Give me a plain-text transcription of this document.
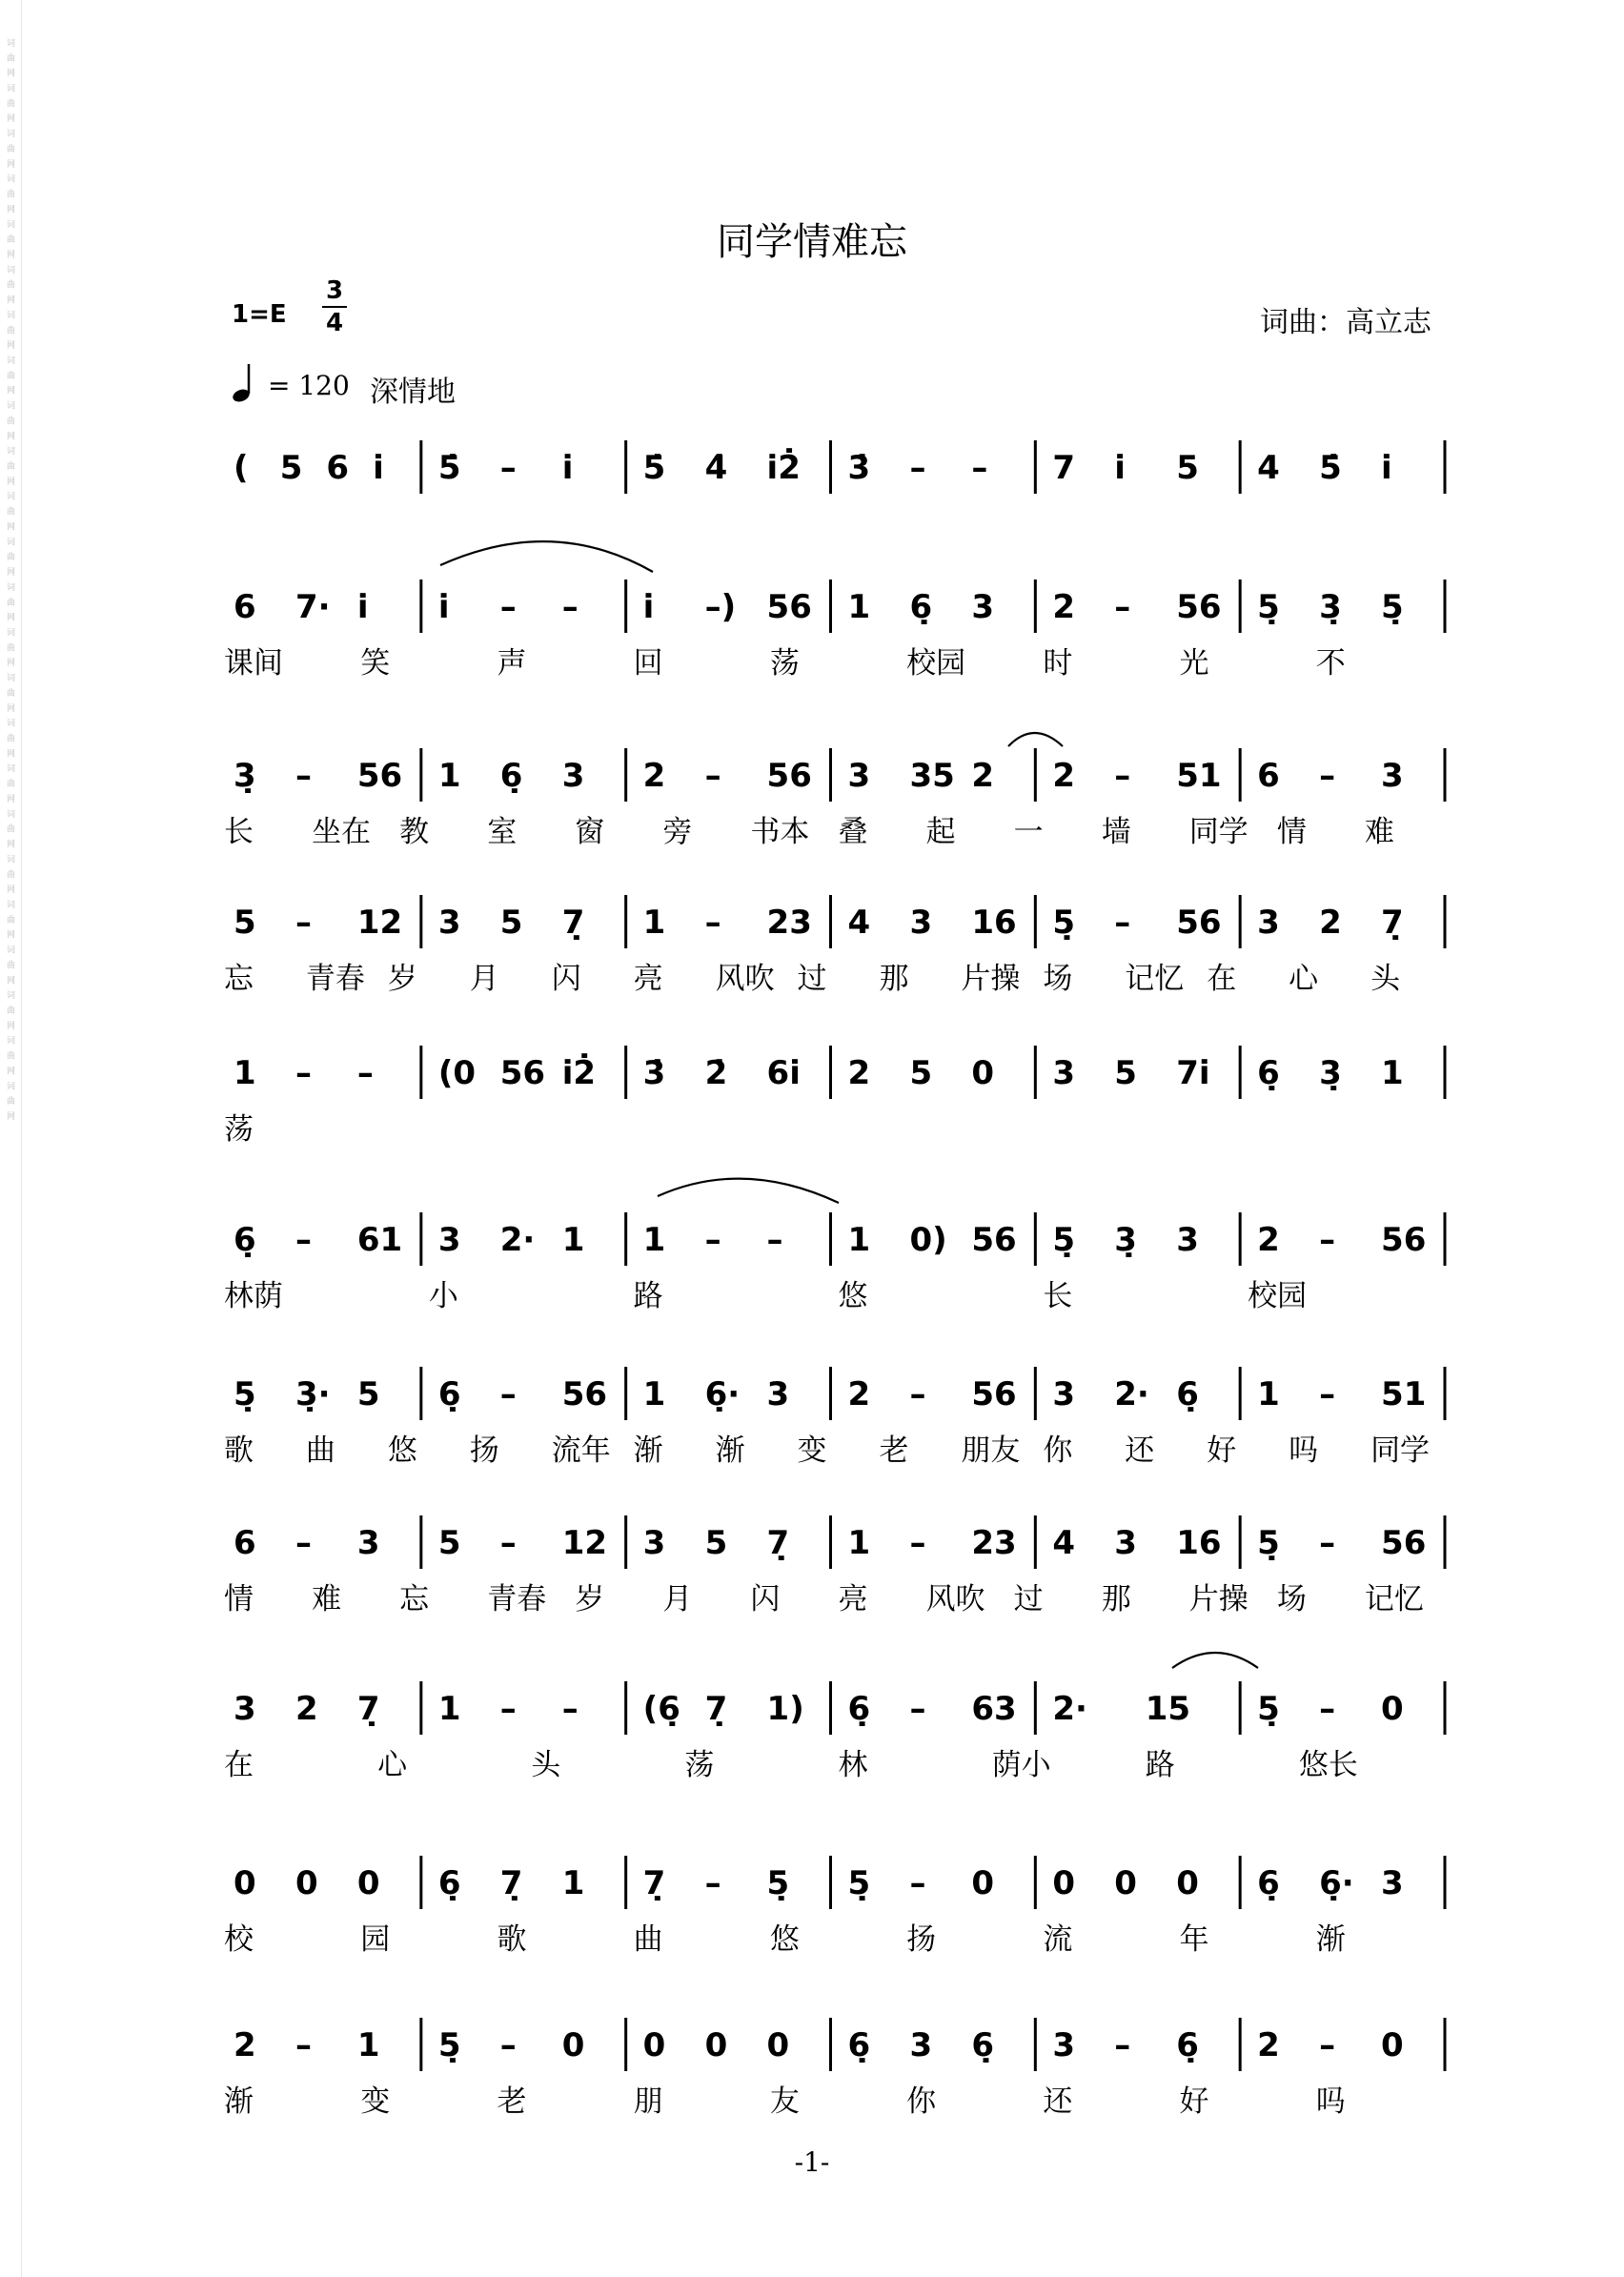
词 曲 网 词 曲 网 词 曲 网 词 曲 网 词 曲 网 词 曲 网 词 曲 网 词 曲 网 词 曲 网 词 曲 网 词 曲 网 词 曲 网 词 曲 网 词 曲 网 词 曲 网 词 曲 网 词 曲 网 词 曲 网 词 曲 网 词 曲 网 词 曲 网 词 曲 网 词 曲 网 词 曲 网	同学情难忘
1=E
3
4	词曲：高立志
= 120 深情地
( 5 6 i̇ 5̇ – i̇ 5̇ 4̇ i̇2̇ 3̇ – – 7 i̇ 5 4 5̇ i̇
6 7· i̇ i̇ – – i̇ –) 56 1 6̣ 3 2 – 56 5̣ 3̣ 5̣
课间	笑	声	回	荡	校园	时	光	不
3̣ – 56 1 6̣ 3 2 – 56 3 35 2 2 – 51 6 – 3
长 坐在 教 室 窗 旁 书本 叠 起 一 墙 同学 情 难
5 – 12 3 5 7̣ 1 – 23 4 3 16 5̣ – 56 3 2 7̣
忘 青春 岁 月 闪 亮 风吹 过 那 片操 场 记忆 在 心 头
1 – – (0 56 i̇2̇ 3̇ 2̇ 6i̇ 2 5 0 3 5 7i̇ 6̣ 3̣ 1
荡
6̣ – 61 3 2· 1 1 – – 1 0) 56 5̣ 3̣ 3 2 – 56
林荫	小	路	悠	长	校园
5̣ 3̣· 5 6̣ – 56 1 6̣· 3 2 – 56 3 2· 6̣ 1 – 51
歌 曲 悠 扬 流年 渐 渐 变 老 朋友 你 还 好 吗 同学
6 – 3 5 – 12 3 5 7̣ 1 – 23 4 3 16 5̣ – 56
情 难 忘 青春 岁 月 闪 亮 风吹 过 那 片操 场 记忆
3 2 7̣ 1 – – (6̣ 7̣ 1) 6̣ – 63 2· 15 5̣ – 0
在	心	头	荡	林	荫小	路	悠长
0 0 0 6̣ 7̣ 1 7̣ – 5̣ 5̣ – 0 0 0 0 6̣ 6̣· 3
校	园	歌	曲	悠	扬	流	年	渐
2 – 1 5̣ – 0 0 0 0 6̣ 3 6̣ 3 – 6̣ 2 – 0
渐	变	老	朋	友	你	还	好	吗
-1-
